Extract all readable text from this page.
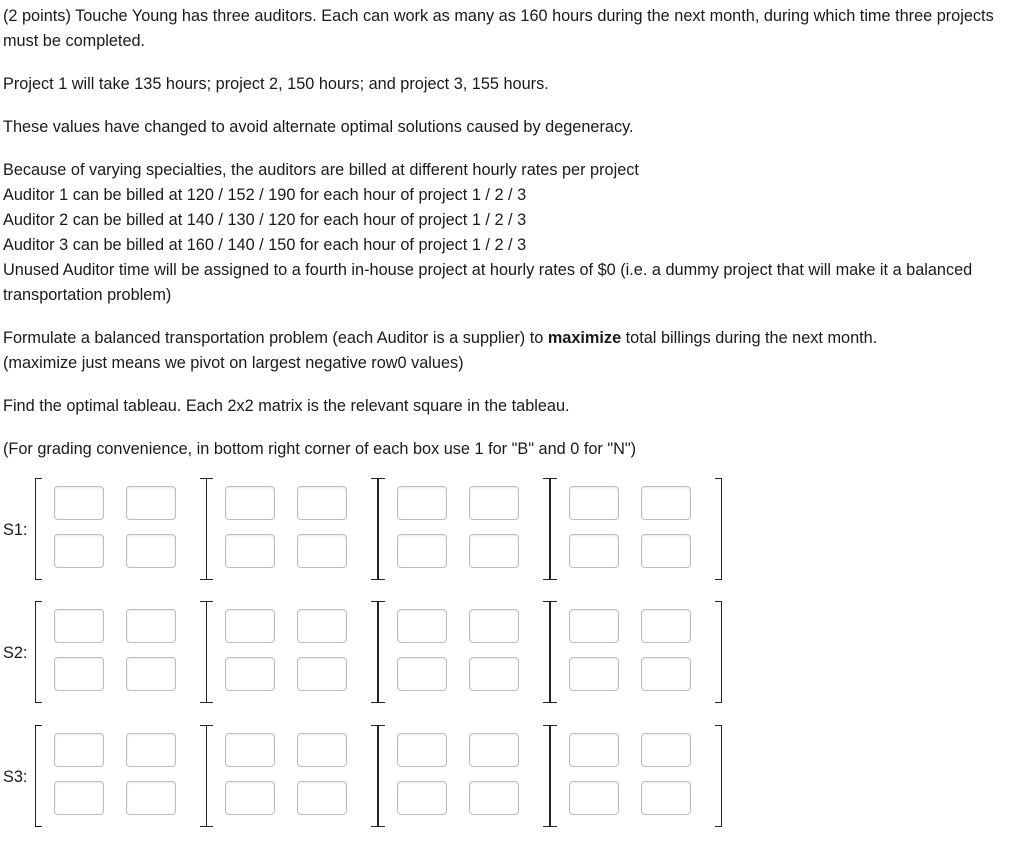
(2 points) Touche Young has three auditors. Each can work as many as 160 hours during the next month, during which time three projects must be completed.

Project 1 will take 135 hours; project 2, 150 hours; and project 3, 155 hours.

These values have changed to avoid alternate optimal solutions caused by degeneracy.

Because of varying specialties, the auditors are billed at different hourly rates per project
Auditor 1 can be billed at 120 / 152 / 190 for each hour of project 1 / 2 / 3
Auditor 2 can be billed at 140 / 130 / 120 for each hour of project 1 / 2 / 3
Auditor 3 can be billed at 160 / 140 / 150 for each hour of project 1 / 2 / 3
Unused Auditor time will be assigned to a fourth in-house project at hourly rates of $0 (i.e. a dummy project that will make it a balanced transportation problem)

Formulate a balanced transportation problem (each Auditor is a supplier) to maximize total billings during the next month.
(maximize just means we pivot on largest negative row0 values)

Find the optimal tableau. Each 2x2 matrix is the relevant square in the tableau.

(For grading convenience, in bottom right corner of each box use 1 for "B" and 0 for "N")

S1:
S2:
S3:
